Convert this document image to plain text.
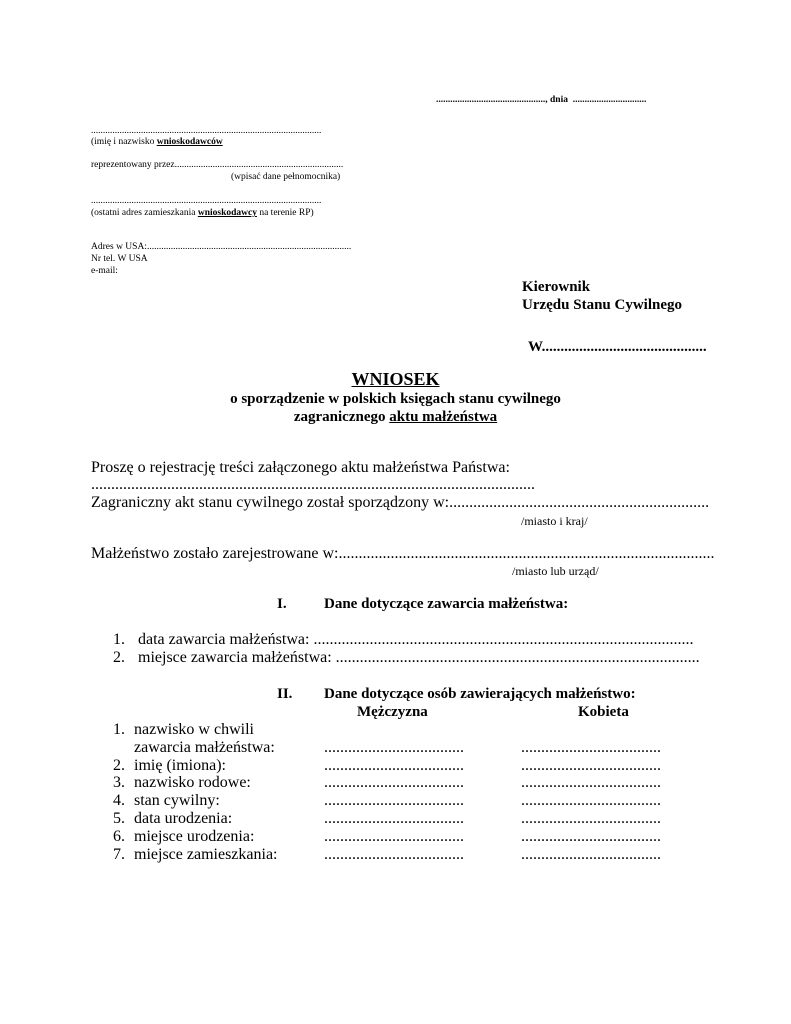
.............................................., dnia ...............................
.................................................................................................
(imię i nazwisko wnioskodawców
reprezentowany przez.......................................................................
(wpisać dane pełnomocnika)
.................................................................................................
(ostatni adres zamieszkania wnioskodawcy na terenie RP)
Adres w USA:......................................................................................
Nr tel. W USA
e-mail:
Kierownik
Urzędu Stanu Cywilnego
W............................................
WNIOSEK
o sporządzenie w polskich księgach stanu cywilnego
zagranicznego aktu małżeństwa
Proszę o rejestrację treści załączonego aktu małżeństwa Państwa:
...............................................................................................................
Zagraniczny akt stanu cywilnego został sporządzony w:.................................................................
/miasto i kraj/
Małżeństwo zostało zarejestrowane w:..............................................................................................
/miasto lub urząd/
I. Dane dotyczące zawarcia małżeństwa:
1. data zawarcia małżeństwa: ...............................................................................................
2. miejsce zawarcia małżeństwa: ...........................................................................................
II. Dane dotyczące osób zawierających małżeństwo:
Mężczyzna	Kobieta
1. nazwisko w chwili
zawarcia małżeństwa:	...................................	...................................
2. imię (imiona):	...................................	...................................
3. nazwisko rodowe:	...................................	...................................
4. stan cywilny:	...................................	...................................
5. data urodzenia:	...................................	...................................
6. miejsce urodzenia:	...................................	...................................
7. miejsce zamieszkania:	...................................	...................................
